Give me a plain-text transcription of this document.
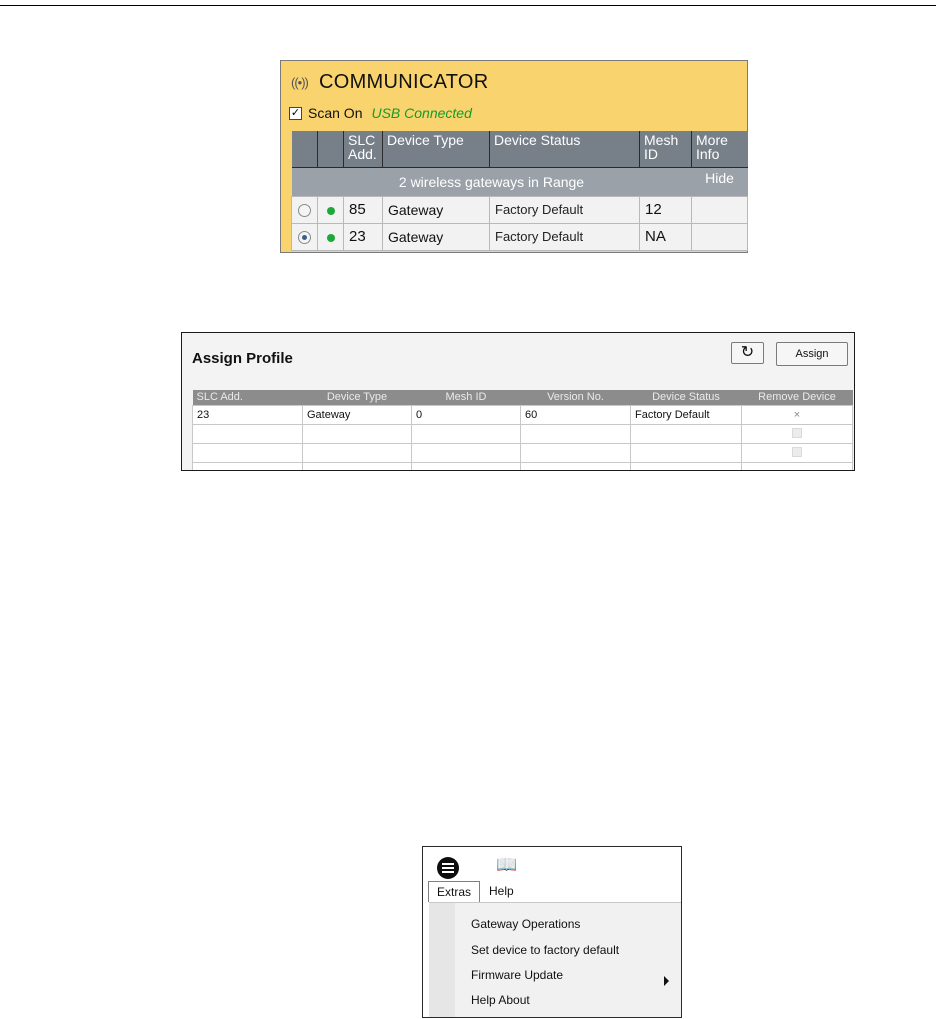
((•)) COMMUNICATOR
✓ Scan On USB Connected
		SLC Add.	Device Type	Device Status	Mesh ID	More Info
2 wireless gateways in Range						Hide
		85	Gateway	Factory Default	12	
		23	Gateway	Factory Default	NA	
Assign Profile	↻	Assign
SLC Add.	Device Type	Mesh ID	Version No.	Device Status	Remove Device
23	Gateway	0	60	Factory Default	×

📖
Extras	Help
Gateway Operations
Set device to factory default
Firmware Update
Help About
